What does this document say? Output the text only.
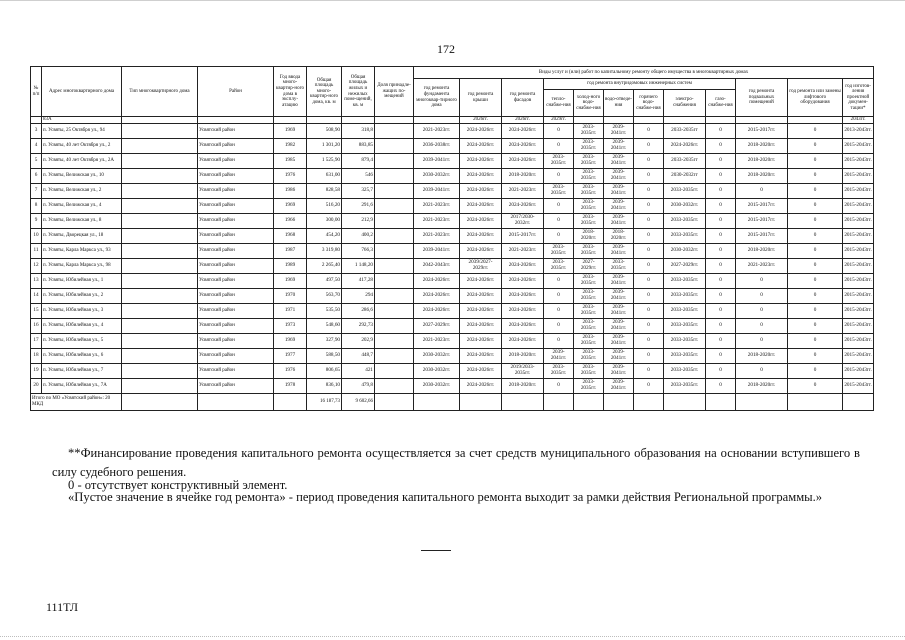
172
№ п/п	Адрес многоквартирного дома	Тип многоквартирного дома	Район	Год ввода много-квартир-ного дома в эксплу-атацию	Общая площадь много-квартир-ного дома, кв. м	Общая площадь жилых и нежилых поме-щений, кв. м	Доля принадле-жащих по-мещений	Виды услуг и (или) работ по капитальному ремонту общего имущества в многоквартирных домах											
								год ремонта фундамента многоквар-тирного дома	год ремонта крыши	год ремонта фасадов	год ремонта внутридомовых инженерных систем						год ремонта подвальных помещений	год ремонта или замены лифтового оборудования	год изготов-ления проектной докумен-тации*
											тепло-снабже-ния	холод-ного водо-снабже-ния	водо-отведе-ния	горячего водо-снабже-ния	электро-снабжения	газо-снабже-ния			
	83А								2026гг.	2026гг.	2029гг.								2043гг.
3	п. Усвяты, 25 Октября ул., 94		Усвятский район	1969	508,90	318,8		2021-2023гг.	2024-2026гг.	2024-2026гг.	0	2033-2035гг.	2039-2041гг.	0	2033-2035гг	0	2015-2017гг.	0	2013-2043гг.
4	п. Усвяты, 40 лет Октября ул., 2		Усвятский район	1982	1 301,20	883,85		2036-2038гг.	2024-2026гг.	2024-2026гг.	0	2033-2035гг.	2039-2041гг.	0	2024-2026гг.	0	2018-2020гг.	0	2015-2043гг.
5	п. Усвяты, 40 лет Октября ул., 2А		Усвятский район	1985	1 525,90	879,4		2039-2041гг.	2024-2026гг.	2024-2026гг.	2033-2035гг.	2033-2035гг.	2039-2041гг.	0	2033-2035гг	0	2018-2020гг.	0	2015-2043гг.
6	п. Усвяты, Велижская ул., 10		Усвятский район	1976	631,00	546		2030-2032гг.	2024-2026гг.	2018-2020гг.	0	2033-2035гг.	2039-2041гг.	0	2030-2032гг	0	2018-2020гг.	0	2015-2043гг.
7	п. Усвяты, Велижская ул., 2		Усвятский район	1986	828,58	325,7		2039-2041гг.	2024-2026гг.	2021-2023гг.	2033-2035гг.	2033-2035гг.	2039-2041гг.	0	2033-2035гг.	0	0	0	2015-2043гг.
8	п. Усвяты, Велижская ул., 4		Усвятский район	1969	516,20	291,6		2021-2023гг.	2024-2026гг.	2024-2026гг.	0	2033-2035гг.	2039-2041гг.	0	2030-2032гг.	0	2015-2017гг.	0	2015-2043гг.
9	п. Усвяты, Велижская ул., 8		Усвятский район	1966	300,00	212,9		2021-2023гг.	2024-2026гг.	2017/2030-2032гг.	0	2033-2035гг.	2039-2041гг.	0	2033-2035гг.	0	2015-2017гг.	0	2015-2043гг.
10	п. Усвяты, Дворецкая ул., 18		Усвятский район	1968	454,20	400,2		2021-2023гг.	2024-2026гг.	2015-2017гг.	0	2018-2020гг.	2018-2020гг.	0	2033-2035гг.	0	2015-2017гг.	0	2015-2043гг.
11	п. Усвяты, Карла Маркса ул., 93		Усвятский район	1987	3 319,80	766,3		2039-2041гг.	2024-2026гг.	2021-2023гг.	2033-2035гг.	2033-2035гг.	2039-2041гг.	0	2030-2032гг.	0	2018-2020гг.	0	2015-2043гг.
12	п. Усвяты, Карла Маркса ул., 98		Усвятский район	1989	2 265,40	1 148,20		2042-2043гг.	2039/2027-2029гг.	2024-2026гг.	2033-2035гг.	2027-2029гг.	2033-2035гг.	0	2027-2029гг.	0	2021-2023гг.	0	2015-2043гг.
13	п. Усвяты, Юбилейная ул., 1		Усвятский район	1969	497,50	417,28		2024-2026гг.	2024-2026гг.	2024-2026гг.	0	2033-2035гг.	2039-2041гг.	0	2033-2035гг.	0	0	0	2015-2043гг.
14	п. Усвяты, Юбилейная ул., 2		Усвятский район	1970	563,70	294		2024-2026гг.	2024-2026гг.	2024-2026гг.	0	2033-2035гг.	2039-2041гг.	0	2033-2035гг.	0	0	0	2015-2043гг.
15	п. Усвяты, Юбилейная ул., 3		Усвятский район	1971	535,50	286,6		2024-2026гг.	2024-2026гг.	2024-2026гг.	0	2033-2035гг.	2039-2041гг.	0	2033-2035гг.	0	0	0	2015-2043гг.
16	п. Усвяты, Юбилейная ул., 4		Усвятский район	1973	548,60	292,73		2027-2029гг.	2024-2026гг.	2024-2026гг.	0	2033-2035гг.	2039-2041гг.	0	2033-2035гг.	0	0	0	2015-2043гг.
17	п. Усвяты, Юбилейная ул., 5		Усвятский район	1969	327,90	202,9		2021-2023гг.	2024-2026гг.	2024-2026гг.	0	2033-2035гг.	2039-2041гг.	0	2033-2035гг.	0	0	0	2015-2043гг.
18	п. Усвяты, Юбилейная ул., 6		Усвятский район	1977	588,50	448,7		2030-2032гг.	2024-2026гг.	2018-2020гг.	2039-2041гг.	2033-2035гг.	2039-2041гг.	0	2033-2035гг.	0	2018-2020гг.	0	2015-2043гг.
19	п. Усвяты, Юбилейная ул., 7		Усвятский район	1976	806,65	421		2030-2032гг.	2024-2026гг.	2019/2033-2035гг.	2033-2035гг.	2033-2035гг.	2039-2041гг.	0	2033-2035гг.	0	0	0	2015-2043гг.
20	п. Усвяты, Юбилейная ул., 7А		Усвятский район	1978	836,10	479,8		2030-2032гг.	2024-2026гг.	2018-2020гг.	0	2033-2035гг.	2039-2041гг.	0	2033-2035гг.	0	2018-2020гг.	0	2015-2043гг.
Итого по МО «Усвятский район»: 20 МКД					16 187,73	9 602,66													
**Финансирование проведения капитального ремонта осуществляется за счет средств муниципального образования на основании вступившего в силу судебного решения.
0 - отсутствует конструктивный элемент.
«Пустое значение в ячейке год ремонта» - период проведения капитального ремонта выходит за рамки действия Региональной программы.»
111ТЛ
